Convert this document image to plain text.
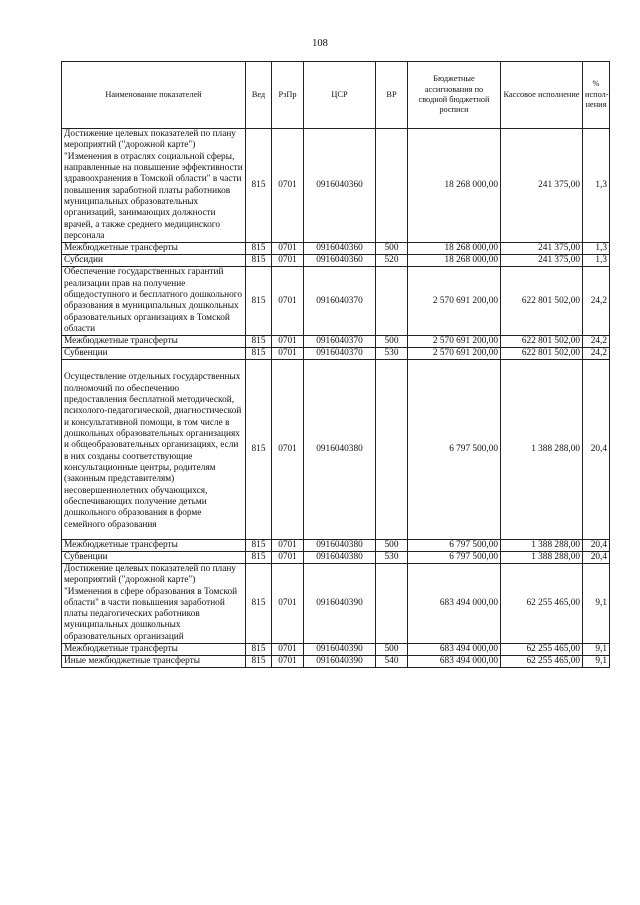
108
Наименование показателей	Вед	РзПр	ЦСР	ВР	Бюджетные ассигнования по сводной бюджетной росписи	Кассовое исполнение	% испол-нения
Достижение целевых показателей по плану мероприятий ("дорожной карте") "Изменения в отраслях социальной сферы, направленные на повышение эффективности здравоохранения в Томской области" в части повышения заработной платы работников муниципальных образовательных организаций, занимающих должности врачей, а также среднего медицинского персонала	815	0701	0916040360		18 268 000,00	241 375,00	1,3
Межбюджетные трансферты	815	0701	0916040360	500	18 268 000,00	241 375,00	1,3
Субсидии	815	0701	0916040360	520	18 268 000,00	241 375,00	1,3
Обеспечение государственных гарантий реализации прав на получение общедоступного и бесплатного дошкольного образования в муниципальных дошкольных образовательных организациях в Томской области	815	0701	0916040370		2 570 691 200,00	622 801 502,00	24,2
Межбюджетные трансферты	815	0701	0916040370	500	2 570 691 200,00	622 801 502,00	24,2
Субвенции	815	0701	0916040370	530	2 570 691 200,00	622 801 502,00	24,2
Осуществление отдельных государственных полномочий по обеспечению предоставления бесплатной методической, психолого-педагогической, диагностической и консультативной помощи, в том числе в дошкольных образовательных организациях и общеобразовательных организациях, если в них созданы соответствующие консультационные центры, родителям (законным представителям) несовершеннолетних обучающихся, обеспечивающих получение детьми дошкольного образования в форме семейного образования	815	0701	0916040380		6 797 500,00	1 388 288,00	20,4
Межбюджетные трансферты	815	0701	0916040380	500	6 797 500,00	1 388 288,00	20,4
Субвенции	815	0701	0916040380	530	6 797 500,00	1 388 288,00	20,4
Достижение целевых показателей по плану мероприятий ("дорожной карте") "Изменения в сфере образования в Томской области" в части повышения заработной платы педагогических работников муниципальных дошкольных образовательных организаций	815	0701	0916040390		683 494 000,00	62 255 465,00	9,1
Межбюджетные трансферты	815	0701	0916040390	500	683 494 000,00	62 255 465,00	9,1
Иные межбюджетные трансферты	815	0701	0916040390	540	683 494 000,00	62 255 465,00	9,1
